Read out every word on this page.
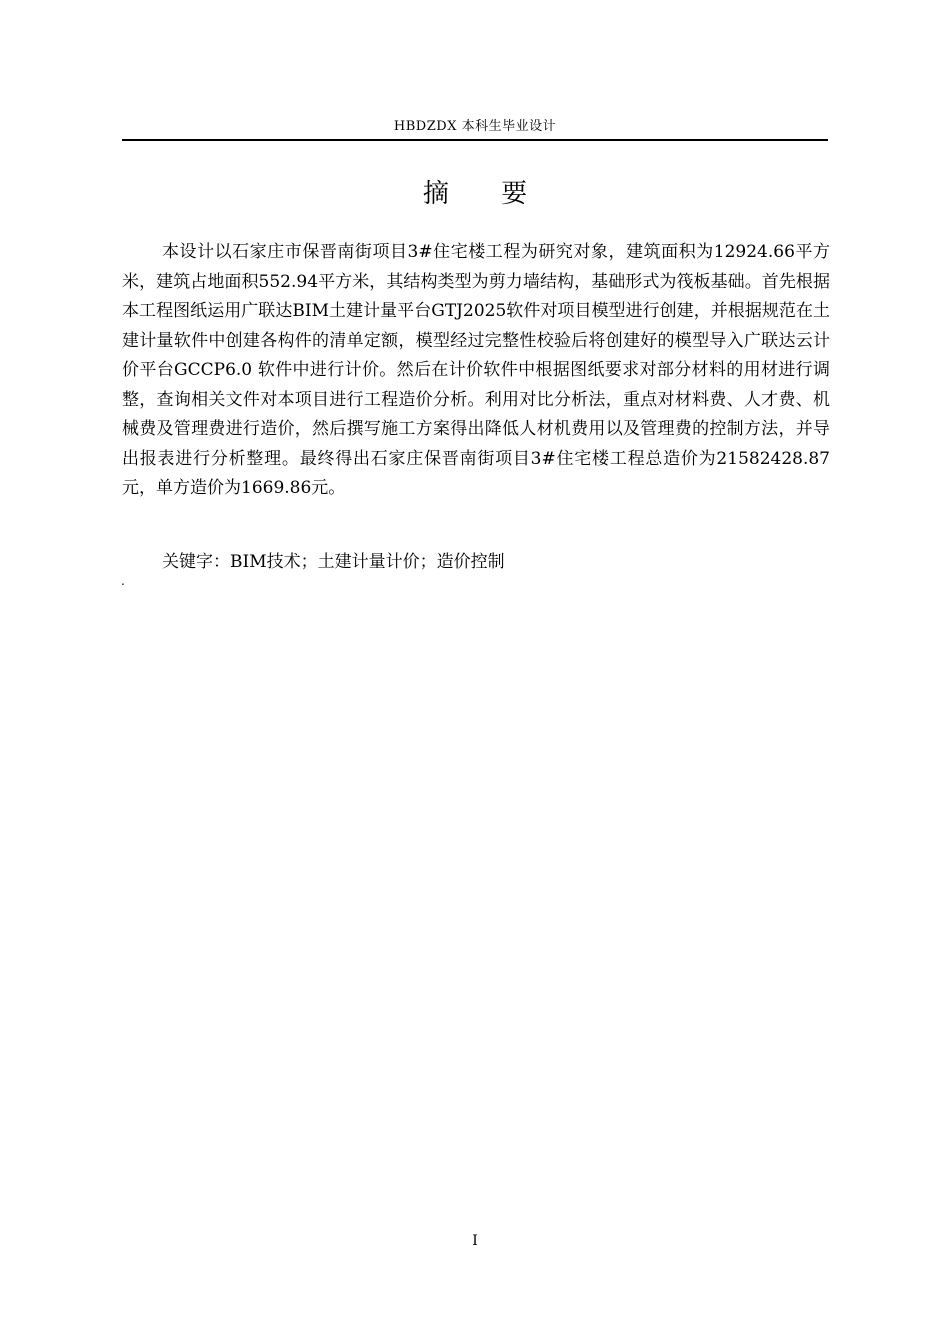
HBDZDX 本科生毕业设计
摘 要

本设计以石家庄市保晋南街项目3#住宅楼工程为研究对象，建筑面积为12924.66平方米，建筑占地面积552.94平方米，其结构类型为剪力墙结构，基础形式为筏板基础。首先根据本工程图纸运用广联达BIM土建计量平台GTJ2025软件对项目模型进行创建，并根据规范在土建计量软件中创建各构件的清单定额，模型经过完整性校验后将创建好的模型导入广联达云计价平台GCCP6.0 软件中进行计价。然后在计价软件中根据图纸要求对部分材料的用材进行调整，查询相关文件对本项目进行工程造价分析。利用对比分析法，重点对材料费、人才费、机械费及管理费进行造价，然后撰写施工方案得出降低人材机费用以及管理费的控制方法，并导出报表进行分析整理。最终得出石家庄保晋南街项目3#住宅楼工程总造价为21582428.87元，单方造价为1669.86元。

关键字：BIM技术；土建计量计价；造价控制

.
I
